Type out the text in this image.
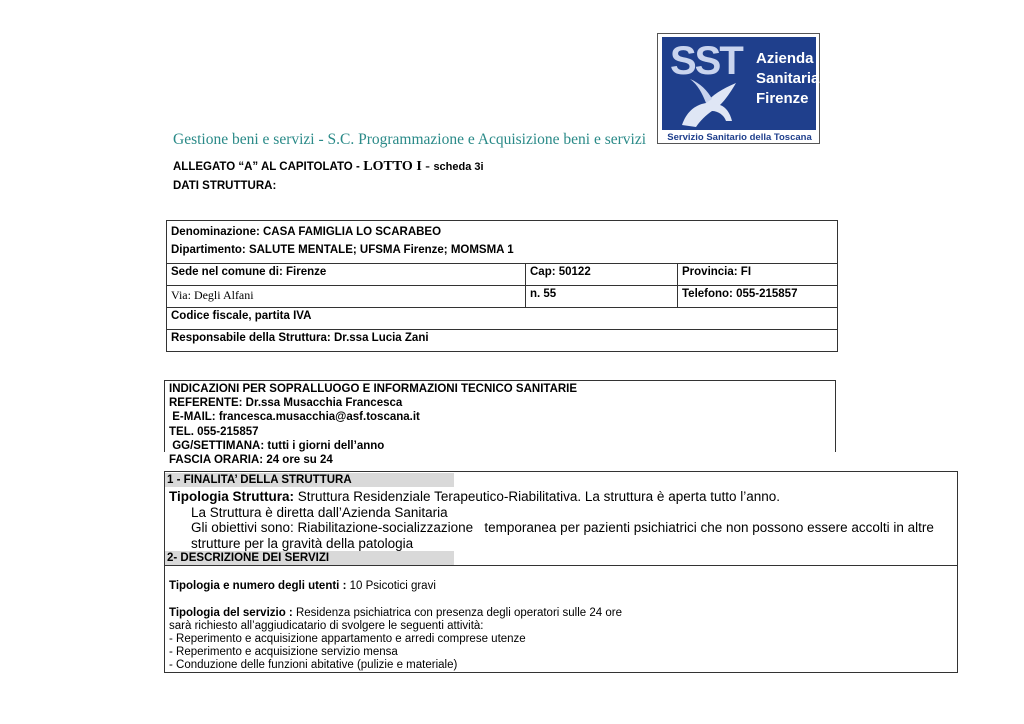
SST Azienda
Sanitaria
Firenze
Servizio Sanitario della Toscana
Gestione beni e servizi - S.C. Programmazione e Acquisizione beni e servizi
ALLEGATO “A” AL CAPITOLATO - LOTTO I - scheda 3i
DATI STRUTTURA:
Denominazione: CASA FAMIGLIA LO SCARABEO
Dipartimento: SALUTE MENTALE; UFSMA Firenze; MOMSMA 1		

Sede nel comune di: Firenze	Cap: 50122	Provincia: FI
Via: Degli Alfani	n. 55	Telefono: 055-215857
Codice fiscale, partita IVA		
Responsabile della Struttura: Dr.ssa Lucia Zani		
INDICAZIONI PER SOPRALLUOGO E INFORMAZIONI TECNICO SANITARIE
REFERENTE: Dr.ssa Musacchia Francesca
E-MAIL: francesca.musacchia@asf.toscana.it
TEL. 055-215857
GG/SETTIMANA: tutti i giorni dell’anno
FASCIA ORARIA: 24 ore su 24
1 - FINALITA’ DELLA STRUTTURA
Tipologia Struttura: Struttura Residenziale Terapeutico-Riabilitativa. La struttura è aperta tutto l’anno.
La Struttura è diretta dall’Azienda Sanitaria
Gli obiettivi sono: Riabilitazione-socializzazione   temporanea per pazienti psichiatrici che non possono essere accolti in altre
strutture per la gravità della patologia
2- DESCRIZIONE DEI SERVIZI

Tipologia e numero degli utenti : 10 Psicotici gravi
Tipologia del servizio : Residenza psichiatrica con presenza degli operatori sulle 24 ore
sarà richiesto all’aggiudicatario di svolgere le seguenti attività:
- Reperimento e acquisizione appartamento e arredi comprese utenze
- Reperimento e acquisizione servizio mensa
- Conduzione delle funzioni abitative (pulizie e materiale)
